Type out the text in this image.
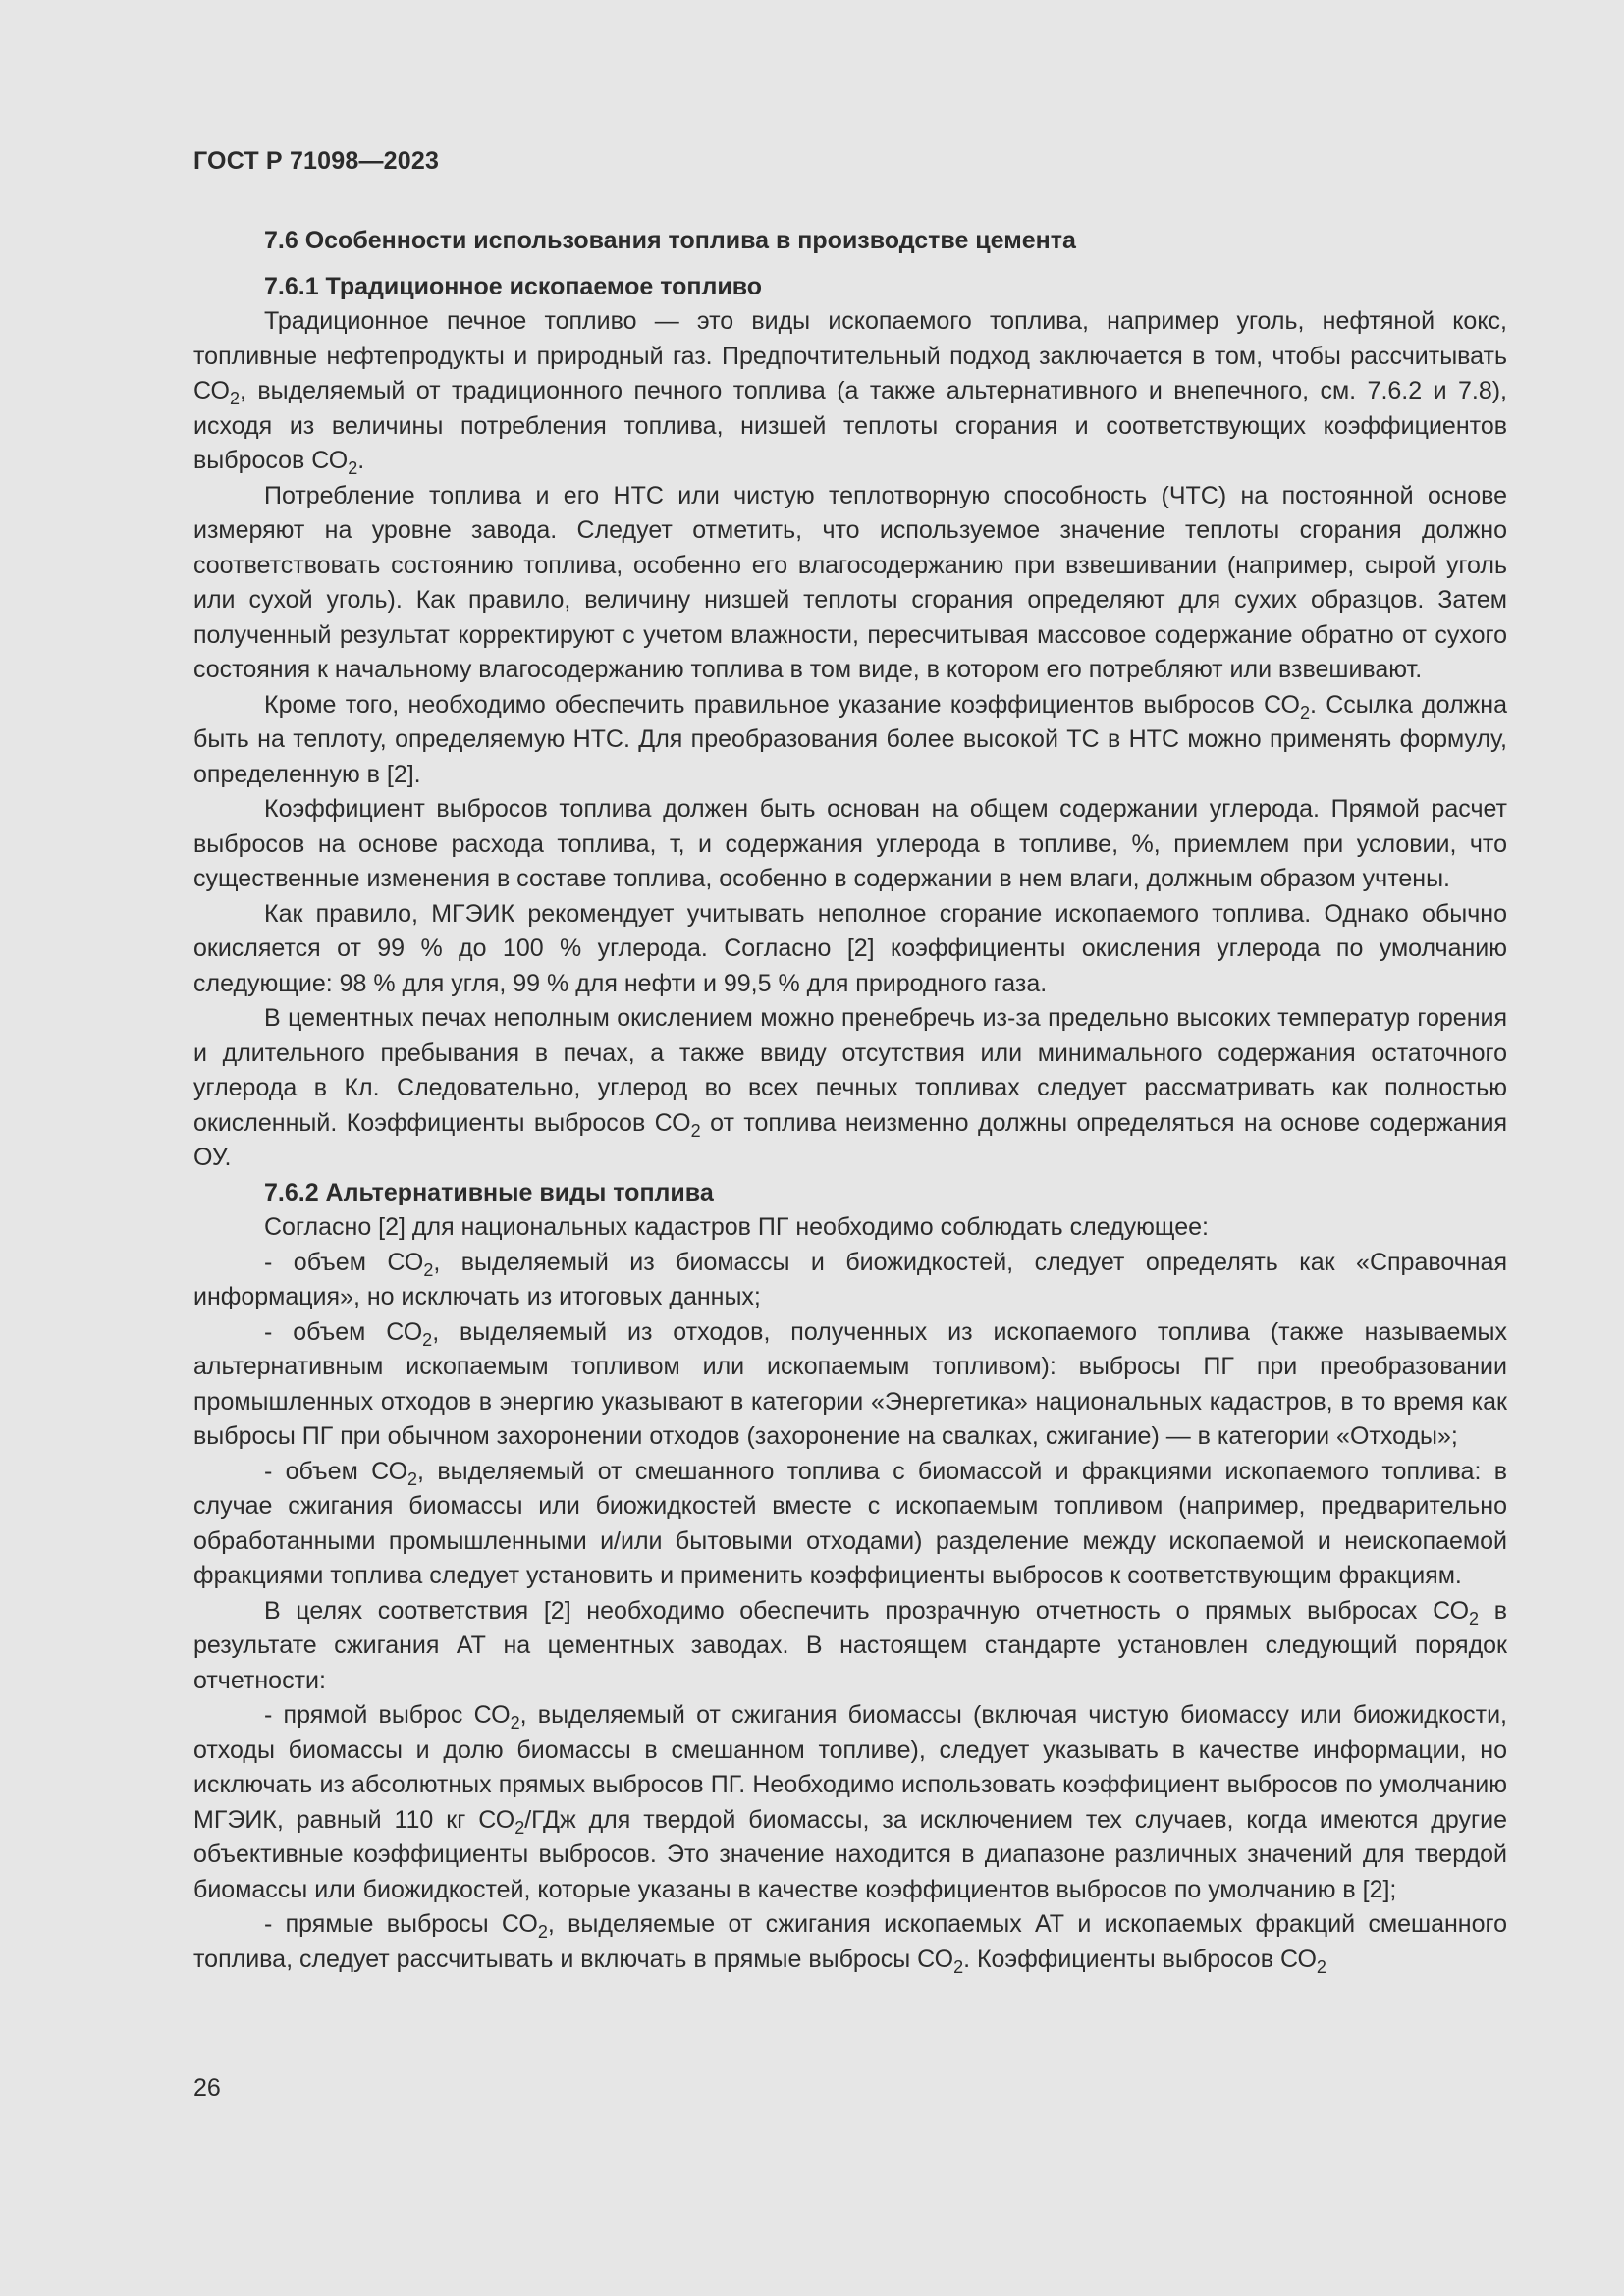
ГОСТ Р 71098—2023

7.6 Особенности использования топлива в производстве цемента

7.6.1 Традиционное ископаемое топливо

Традиционное печное топливо — это виды ископаемого топлива, например уголь, нефтяной кокс, топливные нефтепродукты и природный газ. Предпочтительный подход заключается в том, чтобы рассчитывать $СО_2$, выделяемый от традиционного печного топлива (а также альтернативного и внепечного, см. 7.6.2 и 7.8), исходя из величины потребления топлива, низшей теплоты сгорания и соответствующих коэффициентов выбросов $СО_2$.

Потребление топлива и его НТС или чистую теплотворную способность (ЧТС) на постоянной основе измеряют на уровне завода. Следует отметить, что используемое значение теплоты сгорания должно соответствовать состоянию топлива, особенно его влагосодержанию при взвешивании (например, сырой уголь или сухой уголь). Как правило, величину низшей теплоты сгорания определяют для сухих образцов. Затем полученный результат корректируют с учетом влажности, пересчитывая массовое содержание обратно от сухого состояния к начальному влагосодержанию топлива в том виде, в котором его потребляют или взвешивают.

Кроме того, необходимо обеспечить правильное указание коэффициентов выбросов $СО_2$. Ссылка должна быть на теплоту, определяемую НТС. Для преобразования более высокой ТС в НТС можно применять формулу, определенную в [2].

Коэффициент выбросов топлива должен быть основан на общем содержании углерода. Прямой расчет выбросов на основе расхода топлива, т, и содержания углерода в топливе, %, приемлем при условии, что существенные изменения в составе топлива, особенно в содержании в нем влаги, должным образом учтены.

Как правило, МГЭИК рекомендует учитывать неполное сгорание ископаемого топлива. Однако обычно окисляется от 99 % до 100 % углерода. Согласно [2] коэффициенты окисления углерода по умолчанию следующие: 98 % для угля, 99 % для нефти и 99,5 % для природного газа.

В цементных печах неполным окислением можно пренебречь из-за предельно высоких температур горения и длительного пребывания в печах, а также ввиду отсутствия или минимального содержания остаточного углерода в Кл. Следовательно, углерод во всех печных топливах следует рассматривать как полностью окисленный. Коэффициенты выбросов $СО_2$ от топлива неизменно должны определяться на основе содержания ОУ.

7.6.2 Альтернативные виды топлива

Согласно [2] для национальных кадастров ПГ необходимо соблюдать следующее:

- объем $СО_2$, выделяемый из биомассы и биожидкостей, следует определять как «Справочная информация», но исключать из итоговых данных;

- объем $СО_2$, выделяемый из отходов, полученных из ископаемого топлива (также называемых альтернативным ископаемым топливом или ископаемым топливом): выбросы ПГ при преобразовании промышленных отходов в энергию указывают в категории «Энергетика» национальных кадастров, в то время как выбросы ПГ при обычном захоронении отходов (захоронение на свалках, сжигание) — в категории «Отходы»;

- объем $СО_2$, выделяемый от смешанного топлива с биомассой и фракциями ископаемого топлива: в случае сжигания биомассы или биожидкостей вместе с ископаемым топливом (например, предварительно обработанными промышленными и/или бытовыми отходами) разделение между ископаемой и неископаемой фракциями топлива следует установить и применить коэффициенты выбросов к соответствующим фракциям.

В целях соответствия [2] необходимо обеспечить прозрачную отчетность о прямых выбросах $СО_2$ в результате сжигания АТ на цементных заводах. В настоящем стандарте установлен следующий порядок отчетности:

- прямой выброс $СО_2$, выделяемый от сжигания биомассы (включая чистую биомассу или биожидкости, отходы биомассы и долю биомассы в смешанном топливе), следует указывать в качестве информации, но исключать из абсолютных прямых выбросов ПГ. Необходимо использовать коэффициент выбросов по умолчанию МГЭИК, равный 110 кг $СО_2$/ГДж для твердой биомассы, за исключением тех случаев, когда имеются другие объективные коэффициенты выбросов. Это значение находится в диапазоне различных значений для твердой биомассы или биожидкостей, которые указаны в качестве коэффициентов выбросов по умолчанию в [2];

- прямые выбросы $СО_2$, выделяемые от сжигания ископаемых АТ и ископаемых фракций смешанного топлива, следует рассчитывать и включать в прямые выбросы $СО_2$. Коэффициенты выбросов $СО_2$

26
